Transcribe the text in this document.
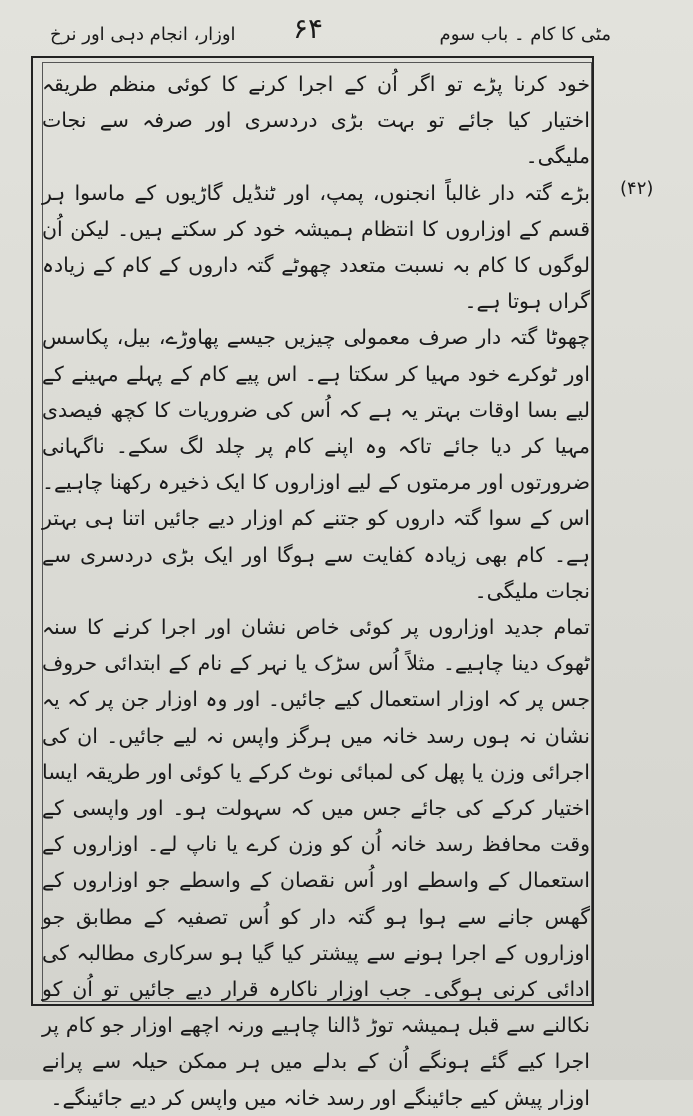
مٹی کا کام ۔ باب سوم
۶۴
اوزار، انجام دہی اور نرخ
(۴۲)

خود کرنا پڑے تو اگر اُن کے اجرا کرنے کا کوئی منظم طریقہ اختیار کیا جائے تو بہت بڑی دردسری اور صرفہ سے نجات ملیگی۔

بڑے گتہ دار غالباً انجنوں، پمپ، اور ٹنڈیل گاڑیوں کے ماسوا ہر قسم کے اوزاروں کا انتظام ہمیشہ خود کر سکتے ہیں۔ لیکن اُن لوگوں کا کام بہ نسبت متعدد چھوٹے گتہ داروں کے کام کے زیادہ گراں ہوتا ہے۔

چھوٹا گتہ دار صرف معمولی چیزیں جیسے پھاوڑے، بیل، پکاسس اور ٹوکرے خود مہیا کر سکتا ہے۔ اس پیے کام کے پہلے مہینے کے لیے بسا اوقات بہتر یہ ہے کہ اُس کی ضروریات کا کچھ فیصدی مہیا کر دیا جائے تاکہ وہ اپنے کام پر چلد لگ سکے۔ ناگہانی ضرورتوں اور مرمتوں کے لیے اوزاروں کا ایک ذخیرہ رکھنا چاہیے۔ اس کے سوا گتہ داروں کو جتنے کم اوزار دیے جائیں اتنا ہی بہتر ہے۔ کام بھی زیادہ کفایت سے ہوگا اور ایک بڑی دردسری سے نجات ملیگی۔

تمام جدید اوزاروں پر کوئی خاص نشان اور اجرا کرنے کا سنہ ٹھوک دینا چاہیے۔ مثلاً اُس سڑک یا نہر کے نام کے ابتدائی حروف جس پر کہ اوزار استعمال کیے جائیں۔ اور وہ اوزار جن پر کہ یہ نشان نہ ہوں رسد خانہ میں ہرگز واپس نہ لیے جائیں۔ ان کی اجرائی وزن یا پھل کی لمبائی نوٹ کرکے یا کوئی اور طریقہ ایسا اختیار کرکے کی جائے جس میں کہ سہولت ہو۔ اور واپسی کے وقت محافظ رسد خانہ اُن کو وزن کرے یا ناپ لے۔ اوزاروں کے استعمال کے واسطے اور اُس نقصان کے واسطے جو اوزاروں کے گھس جانے سے ہوا ہو گتہ دار کو اُس تصفیہ کے مطابق جو اوزاروں کے اجرا ہونے سے پیشتر کیا گیا ہو سرکاری مطالبہ کی ادائی کرنی ہوگی۔ جب اوزار ناکارہ قرار دیے جائیں تو اُن کو نکالنے سے قبل ہمیشہ توڑ ڈالنا چاہیے ورنہ اچھے اوزار جو کام پر اجرا کیے گئے ہونگے اُن کے بدلے میں ہر ممکن حیلہ سے پرانے اوزار پیش کیے جائینگے اور رسد خانہ میں واپس کر دیے جائینگے۔
